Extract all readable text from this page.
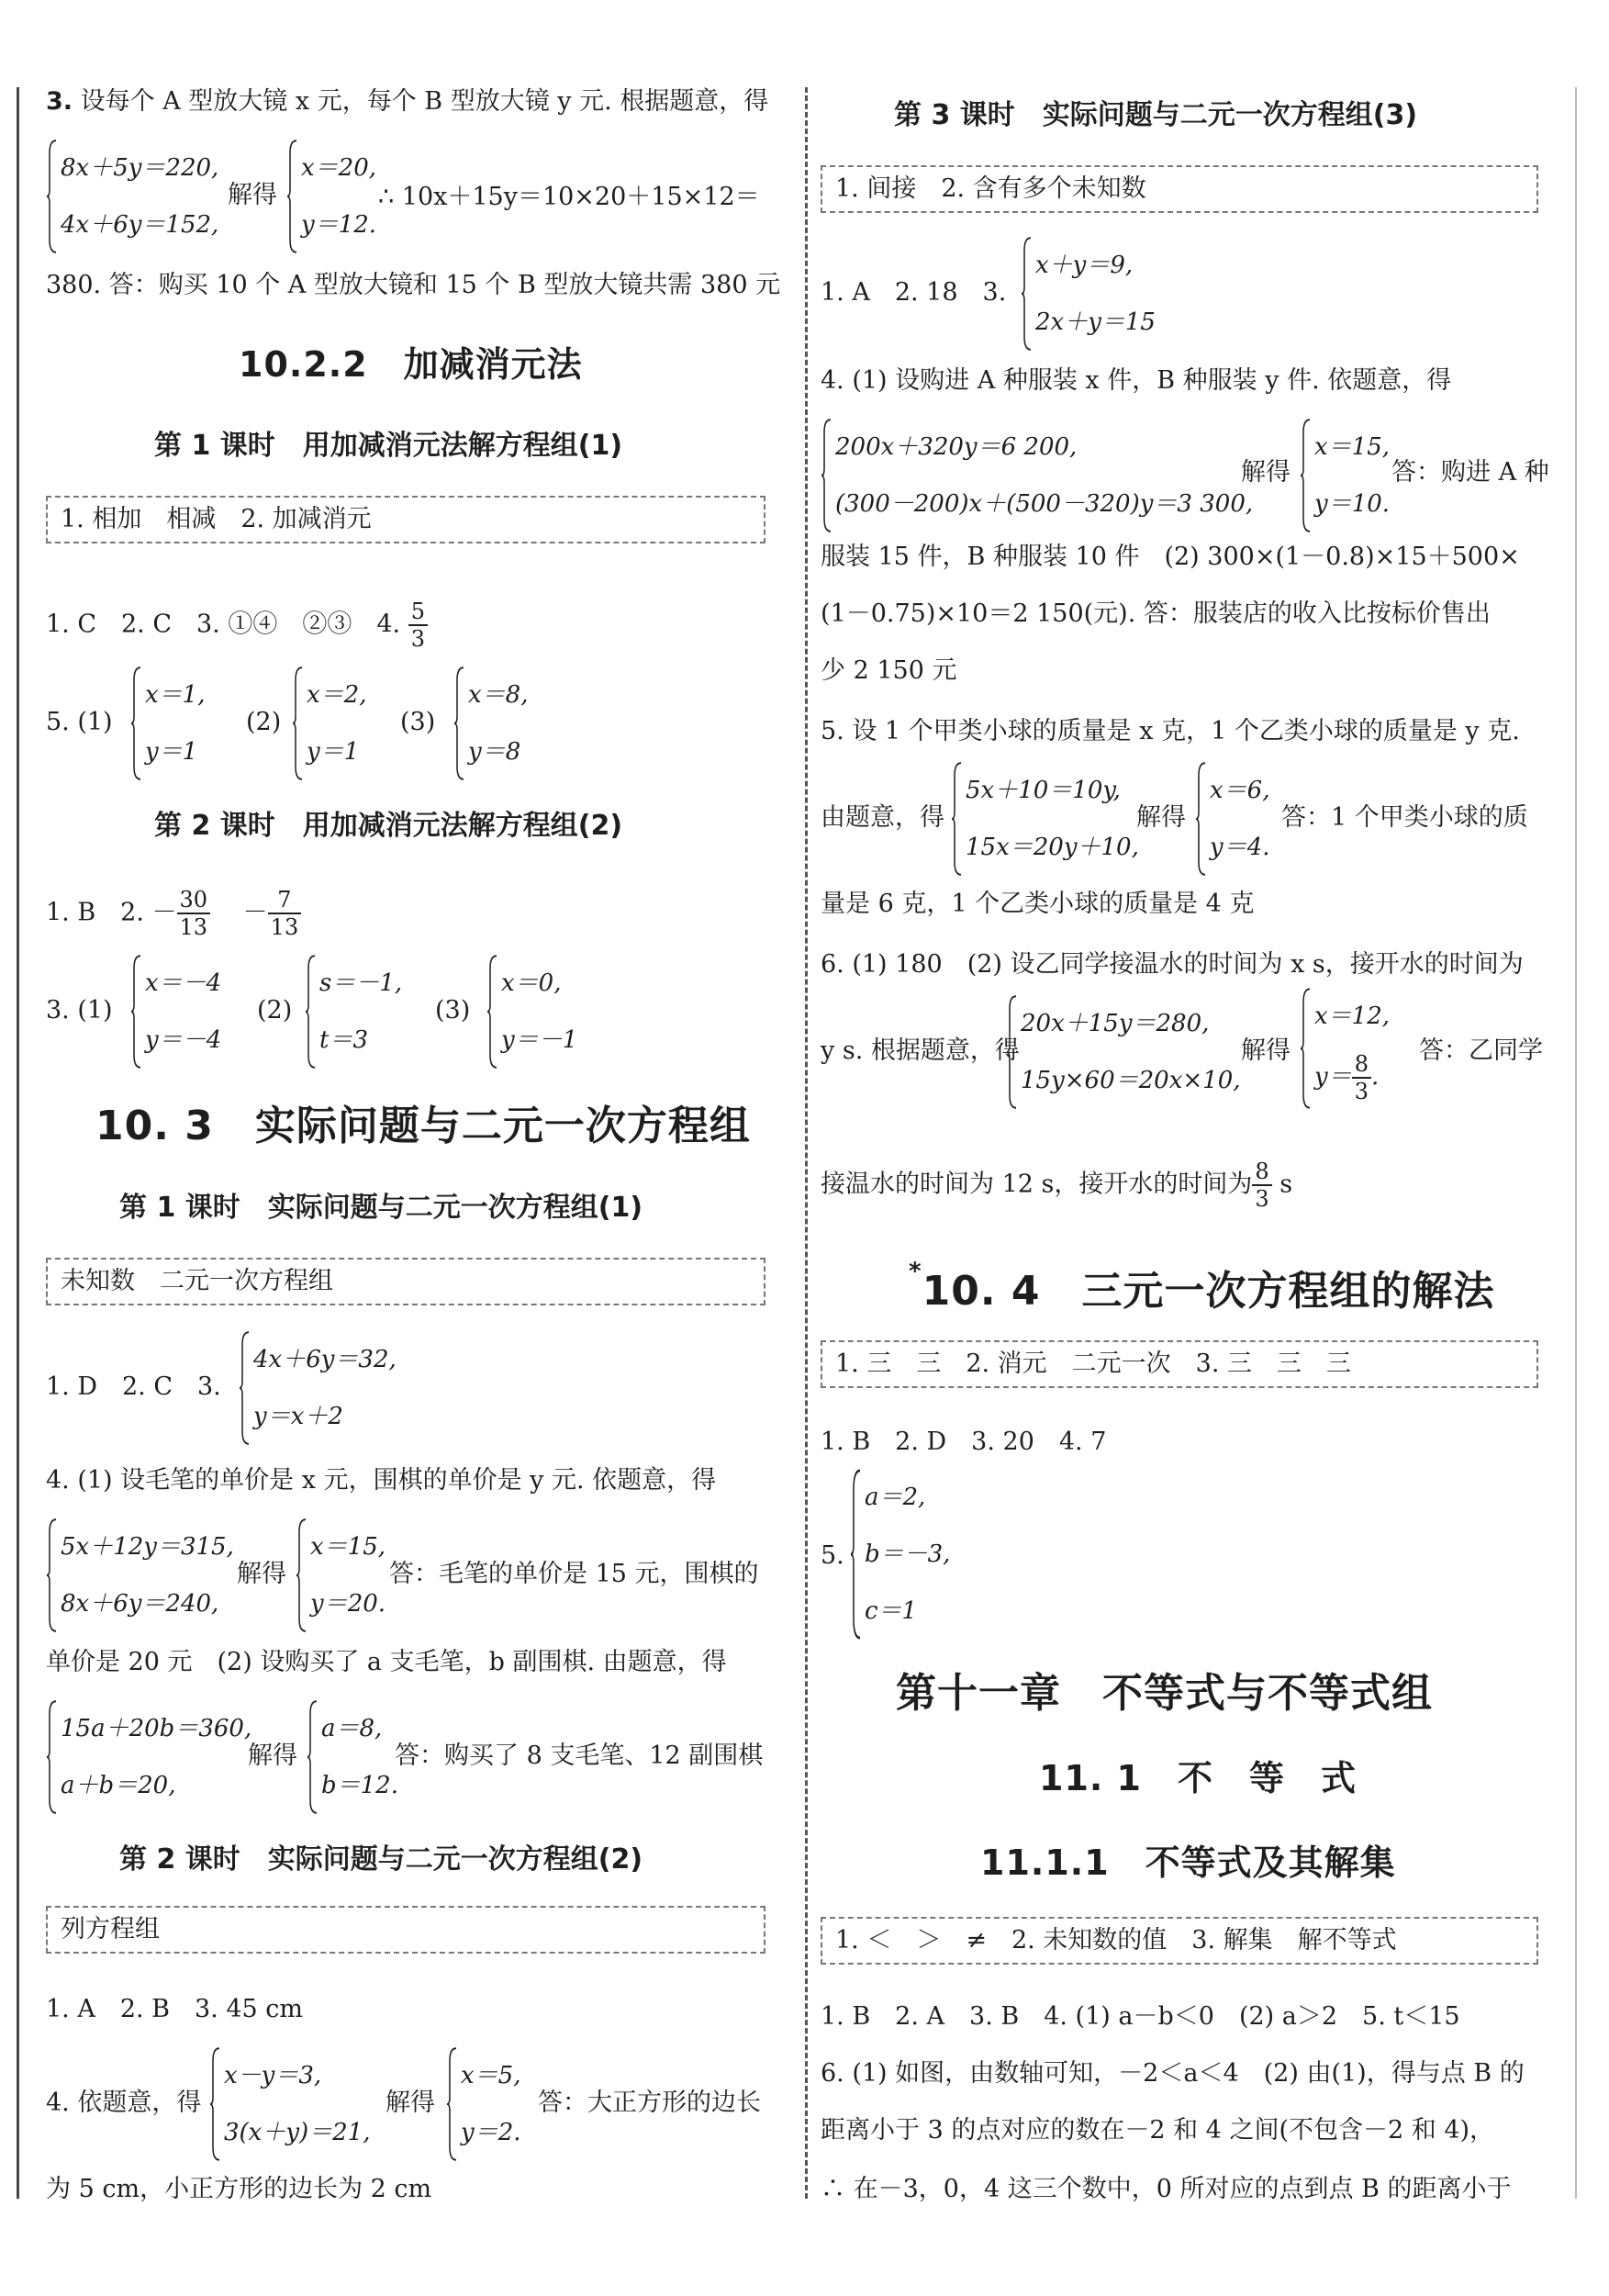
3. 设每个 A 型放大镜 x 元，每个 B 型放大镜 y 元. 根据题意，得
8x＋5y＝220,
4x＋6y＝152,
解得
x＝20,
y＝12.
∴ 10x＋15y＝10×20＋15×12＝
380. 答：购买 10 个 A 型放大镜和 15 个 B 型放大镜共需 380 元
10.2.2　加减消元法
第 1 课时　用加减消元法解方程组(1)
1. 相加　相减　2. 加减消元
1. C　2. C　3. ①④　②③　4. $\frac{5}{3}$
5. (1)
x＝1,
y＝1
(2)
x＝2,
y＝1
(3)
x＝8,
y＝8
第 2 课时　用加减消元法解方程组(2)
1. B　2. － $\frac{30}{13}$ 　－ $\frac{7}{13}$
3. (1)
x＝－4
y＝－4
(2)
s＝－1,
t＝3
(3)
x＝0,
y＝－1
10. 3　实际问题与二元一次方程组
第 1 课时　实际问题与二元一次方程组(1)
未知数　二元一次方程组
1. D　2. C　3.
4x＋6y＝32,
y＝x＋2
4. (1) 设毛笔的单价是 x 元，围棋的单价是 y 元. 依题意，得
5x＋12y＝315,
8x＋6y＝240,
解得
x＝15,
y＝20.
答：毛笔的单价是 15 元，围棋的
单价是 20 元　(2) 设购买了 a 支毛笔，b 副围棋. 由题意，得
15a＋20b＝360,
a＋b＝20,
解得
a＝8,
b＝12.
答：购买了 8 支毛笔、12 副围棋
第 2 课时　实际问题与二元一次方程组(2)
列方程组
1. A　2. B　3. 45 cm
4. 依题意，得
x－y＝3,
3(x＋y)＝21,
解得
x＝5,
y＝2.
答：大正方形的边长
为 5 cm，小正方形的边长为 2 cm
第 3 课时　实际问题与二元一次方程组(3)
1. 间接　2. 含有多个未知数
1. A　2. 18　3.
x＋y＝9,
2x＋y＝15
4. (1) 设购进 A 种服装 x 件，B 种服装 y 件. 依题意，得
200x＋320y＝6 200,
(300－200)x＋(500－320)y＝3 300,
解得
x＝15,
y＝10.
答：购进 A 种
服装 15 件，B 种服装 10 件　(2) 300×(1－0.8)×15＋500×
(1－0.75)×10＝2 150(元). 答：服装店的收入比按标价售出
少 2 150 元
5. 设 1 个甲类小球的质量是 x 克，1 个乙类小球的质量是 y 克.
由题意，得
5x＋10＝10y,
15x＝20y＋10,
解得
x＝6,
y＝4.
答：1 个甲类小球的质
量是 6 克，1 个乙类小球的质量是 4 克
6. (1) 180　(2) 设乙同学接温水的时间为 x s，接开水的时间为
y s. 根据题意，得
20x＋15y＝280,
15y×60＝20x×10,
解得
x＝12,
$y= \frac{8}{3}$ .
答：乙同学
接温水的时间为 12 s，接开水的时间为 $\frac{8}{3}$ s
*10. 4　三元一次方程组的解法
1. 三　三　2. 消元　二元一次　3. 三　三　三
1. B　2. D　3. 20　4. 7
5.
a＝2,
b＝－3,
c＝1
第十一章　不等式与不等式组
11. 1　不　等　式
11.1.1　不等式及其解集
1. ＜　＞　≠　2. 未知数的值　3. 解集　解不等式
1. B　2. A　3. B　4. (1) a－b＜0　(2) a＞2　5. t＜15
6. (1) 如图，由数轴可知，－2＜a＜4　(2) 由(1)，得与点 B 的
距离小于 3 的点对应的数在－2 和 4 之间(不包含－2 和 4)，
∴ 在－3，0，4 这三个数中，0 所对应的点到点 B 的距离小于
